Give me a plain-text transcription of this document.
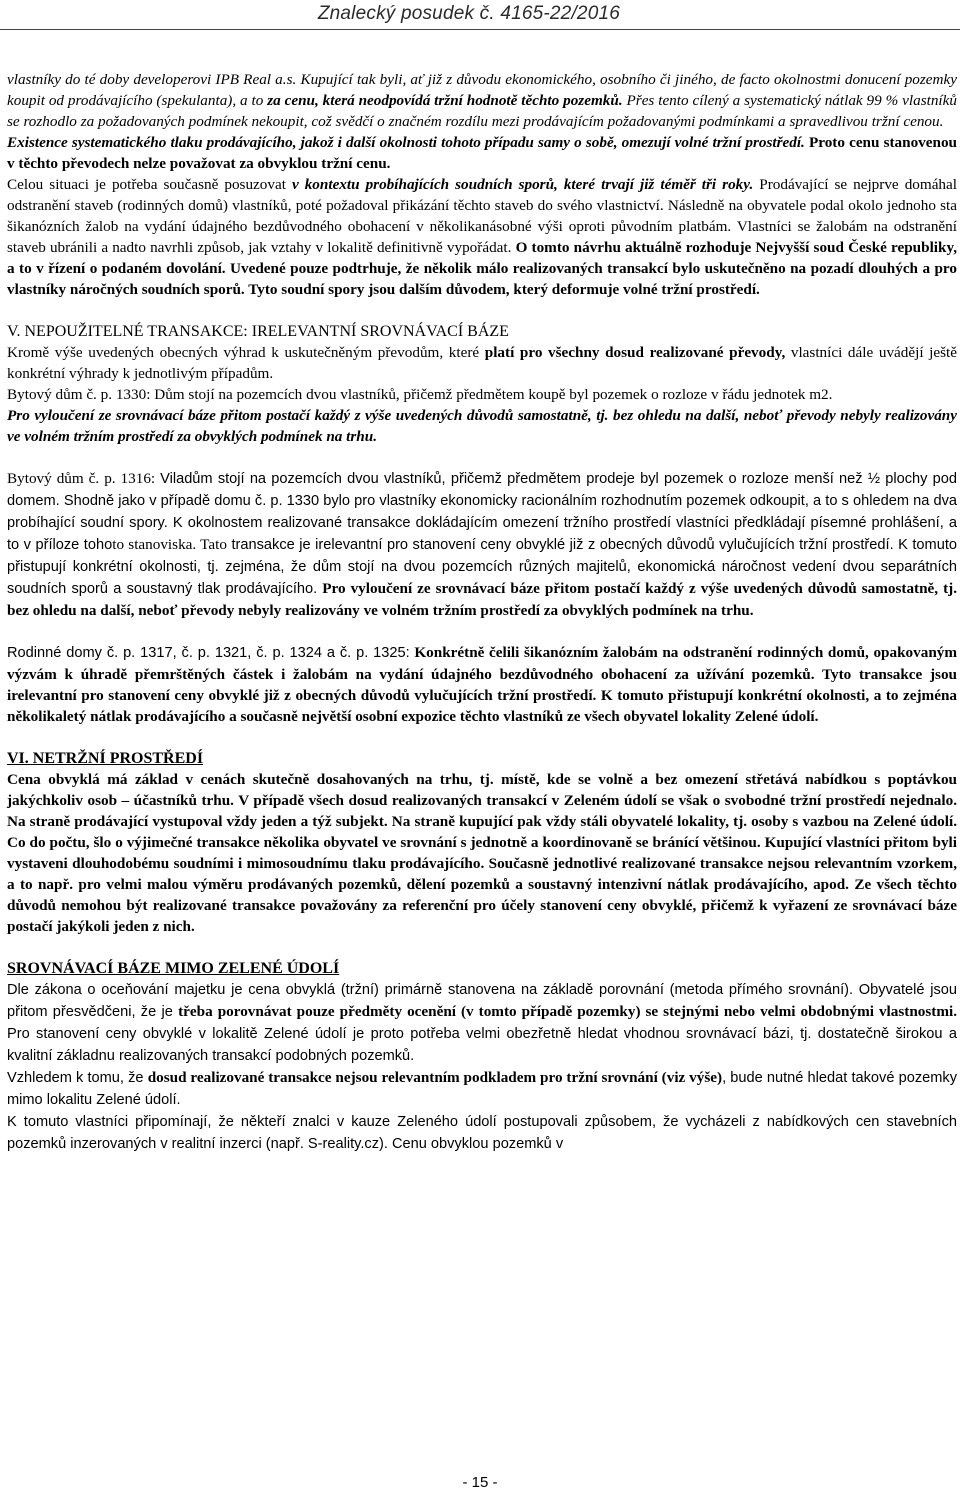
Znalecký posudek č. 4165-22/2016

vlastníky do té doby developerovi IPB Real a.s. Kupující tak byli, ať již z důvodu ekonomického, osobního či jiného, de facto okolnostmi donucení pozemky koupit od prodávajícího (spekulanta), a to za cenu, která neodpovídá tržní hodnotě těchto pozemků. Přes tento cílený a systematický nátlak 99 % vlastníků se rozhodlo za požadovaných podmínek nekoupit, což svědčí o značném rozdílu mezi prodávajícím požadovanými podmínkami a spravedlivou tržní cenou.

Existence systematického tlaku prodávajícího, jakož i další okolnosti tohoto případu samy o sobě, omezují volné tržní prostředí. Proto cenu stanovenou v těchto převodech nelze považovat za obvyklou tržní cenu.

Celou situaci je potřeba současně posuzovat v kontextu probíhajících soudních sporů, které trvají již téměř tři roky. Prodávající se nejprve domáhal odstranění staveb (rodinných domů) vlastníků, poté požadoval přikázání těchto staveb do svého vlastnictví. Následně na obyvatele podal okolo jednoho sta šikanózních žalob na vydání údajného bezdůvodného obohacení v několikanásobné výši oproti původním platbám. Vlastníci se žalobám na odstranění staveb ubránili a nadto navrhli způsob, jak vztahy v lokalitě definitivně vypořádat. O tomto návrhu aktuálně rozhoduje Nejvyšší soud České republiky, a to v řízení o podaném dovolání. Uvedené pouze podtrhuje, že několik málo realizovaných transakcí bylo uskutečněno na pozadí dlouhých a pro vlastníky náročných soudních sporů. Tyto soudní spory jsou dalším důvodem, který deformuje volné tržní prostředí.

V. NEPOUŽITELNÉ TRANSAKCE: IRELEVANTNÍ SROVNÁVACÍ BÁZE

Kromě výše uvedených obecných výhrad k uskutečněným převodům, které platí pro všechny dosud realizované převody, vlastníci dále uvádějí ještě konkrétní výhrady k jednotlivým případům.

Bytový dům č. p. 1330: Dům stojí na pozemcích dvou vlastníků, přičemž předmětem koupě byl pozemek o rozloze v řádu jednotek m2.

Pro vyloučení ze srovnávací báze přitom postačí každý z výše uvedených důvodů samostatně, tj. bez ohledu na další, neboť převody nebyly realizovány ve volném tržním prostředí za obvyklých podmínek na trhu.

Bytový dům č. p. 1316: Viladům stojí na pozemcích dvou vlastníků, přičemž předmětem prodeje byl pozemek o rozloze menší než ½ plochy pod domem. Shodně jako v případě domu č. p. 1330 bylo pro vlastníky ekonomicky racionálním rozhodnutím pozemek odkoupit, a to s ohledem na dva probíhající soudní spory. K okolnostem realizované transakce dokládajícím omezení tržního prostředí vlastníci předkládají písemné prohlášení, a to v příloze tohoto stanoviska. Tato transakce je irelevantní pro stanovení ceny obvyklé již z obecných důvodů vylučujících tržní prostředí. K tomuto přistupují konkrétní okolnosti, tj. zejména, že dům stojí na dvou pozemcích různých majitelů, ekonomická náročnost vedení dvou separátních soudních sporů a soustavný tlak prodávajícího. Pro vyloučení ze srovnávací báze přitom postačí každý z výše uvedených důvodů samostatně, tj. bez ohledu na další, neboť převody nebyly realizovány ve volném tržním prostředí za obvyklých podmínek na trhu.

Rodinné domy č. p. 1317, č. p. 1321, č. p. 1324 a č. p. 1325: Konkrétně čelili šikanózním žalobám na odstranění rodinných domů, opakovaným výzvám k úhradě přemrštěných částek i žalobám na vydání údajného bezdůvodného obohacení za užívání pozemků. Tyto transakce jsou irelevantní pro stanovení ceny obvyklé již z obecných důvodů vylučujících tržní prostředí. K tomuto přistupují konkrétní okolnosti, a to zejména několikaletý nátlak prodávajícího a současně největší osobní expozice těchto vlastníků ze všech obyvatel lokality Zelené údolí.

VI. NETRŽNÍ PROSTŘEDÍ

Cena obvyklá má základ v cenách skutečně dosahovaných na trhu, tj. místě, kde se volně a bez omezení střetává nabídkou s poptávkou jakýchkoliv osob – účastníků trhu. V případě všech dosud realizovaných transakcí v Zeleném údolí se však o svobodné tržní prostředí nejednalo. Na straně prodávající vystupoval vždy jeden a týž subjekt. Na straně kupující pak vždy stáli obyvatelé lokality, tj. osoby s vazbou na Zelené údolí. Co do počtu, šlo o výjimečné transakce několika obyvatel ve srovnání s jednotně a koordinovaně se bránící většinou. Kupující vlastníci přitom byli vystaveni dlouhodobému soudními i mimosoudnímu tlaku prodávajícího. Současně jednotlivé realizované transakce nejsou relevantním vzorkem, a to např. pro velmi malou výměru prodávaných pozemků, dělení pozemků a soustavný intenzivní nátlak prodávajícího, apod. Ze všech těchto důvodů nemohou být realizované transakce považovány za referenční pro účely stanovení ceny obvyklé, přičemž k vyřazení ze srovnávací báze postačí jakýkoli jeden z nich.

SROVNÁVACÍ BÁZE MIMO ZELENÉ ÚDOLÍ

Dle zákona o oceňování majetku je cena obvyklá (tržní) primárně stanovena na základě porovnání (metoda přímého srovnání). Obyvatelé jsou přitom přesvědčeni, že je třeba porovnávat pouze předměty ocenění (v tomto případě pozemky) se stejnými nebo velmi obdobnými vlastnostmi. Pro stanovení ceny obvyklé v lokalitě Zelené údolí je proto potřeba velmi obezřetně hledat vhodnou srovnávací bázi, tj. dostatečně širokou a kvalitní základnu realizovaných transakcí podobných pozemků.

Vzhledem k tomu, že dosud realizované transakce nejsou relevantním podkladem pro tržní srovnání (viz výše), bude nutné hledat takové pozemky mimo lokalitu Zelené údolí.

K tomuto vlastníci připomínají, že někteří znalci v kauze Zeleného údolí postupovali způsobem, že vycházeli z nabídkových cen stavebních pozemků inzerovaných v realitní inzerci (např. S-reality.cz). Cenu obvyklou pozemků v

- 15 -
